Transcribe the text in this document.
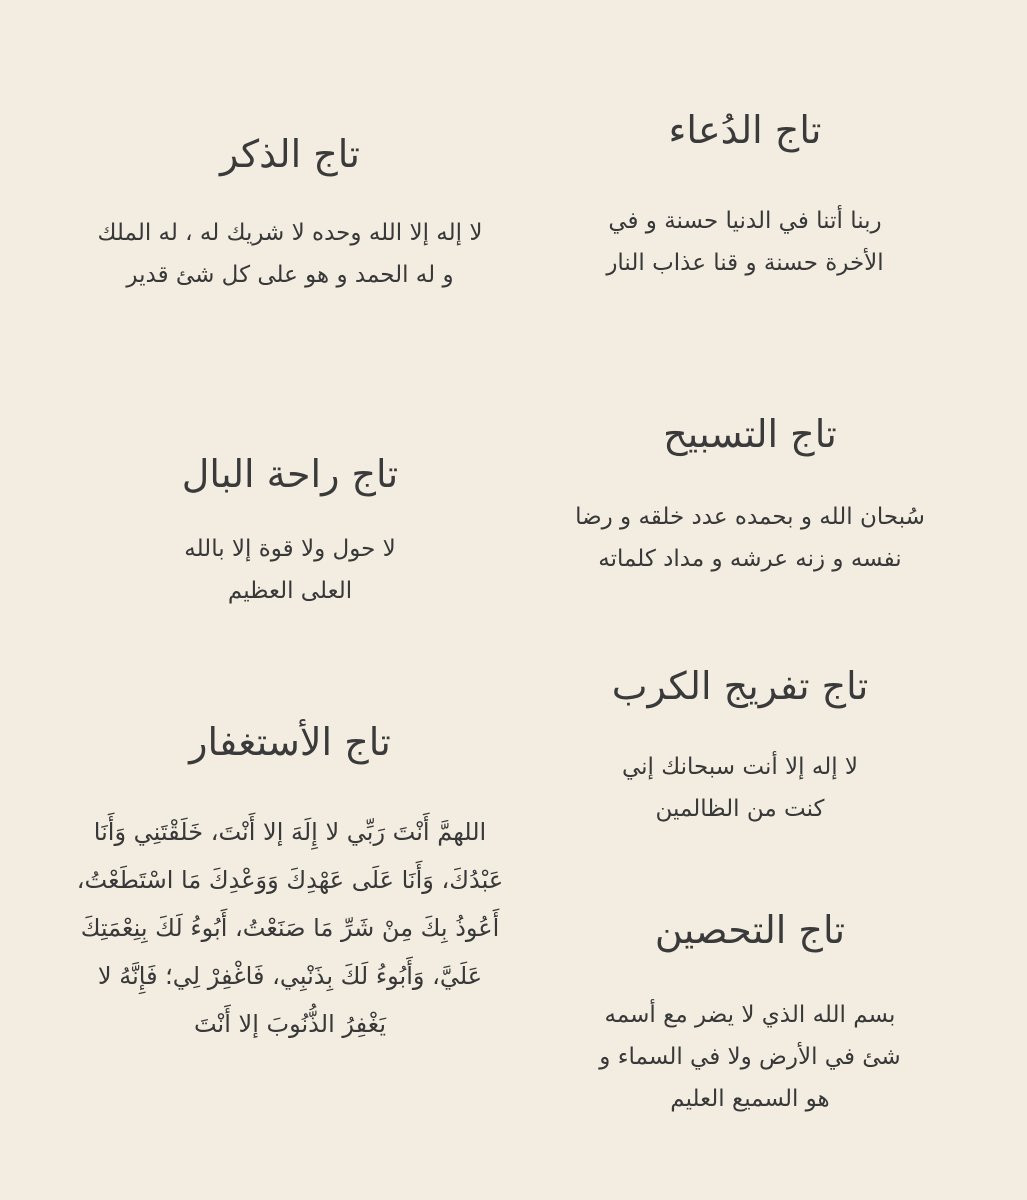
تاج الدُعاء

ربنا أتنا في الدنيا حسنة و في
الأخرة حسنة و قنا عذاب النار

تاج التسبيح

سُبحان الله و بحمده عدد خلقه و رضا
نفسه و زنه عرشه و مداد كلماته

تاج تفريج الكرب

لا إله إلا أنت سبحانك إني
كنت من الظالمين

تاج التحصين

بسم الله الذي لا يضر مع أسمه
شئ في الأرض ولا في السماء و
هو السميع العليم

تاج الذكر

لا إله إلا الله وحده لا شريك له ، له الملك
و له الحمد و هو على كل شئ قدير

تاج راحة البال

لا حول ولا قوة إلا بالله
العلى العظيم

تاج الأستغفار

اللهمَّ أَنْتَ رَبِّي لا إِلَهَ إلا أَنْتَ، خَلَقْتَنِي وَأَنَا
عَبْدُكَ، وَأَنَا عَلَى عَهْدِكَ وَوَعْدِكَ مَا اسْتَطَعْتُ،
أَعُوذُ بِكَ مِنْ شَرِّ مَا صَنَعْتُ، أَبُوءُ لَكَ بِنِعْمَتِكَ
عَلَيَّ، وَأَبُوءُ لَكَ بِذَنْبِي، فَاغْفِرْ لِي؛ فَإِنَّهُ لا
يَغْفِرُ الذُّنُوبَ إلا أَنْتَ
